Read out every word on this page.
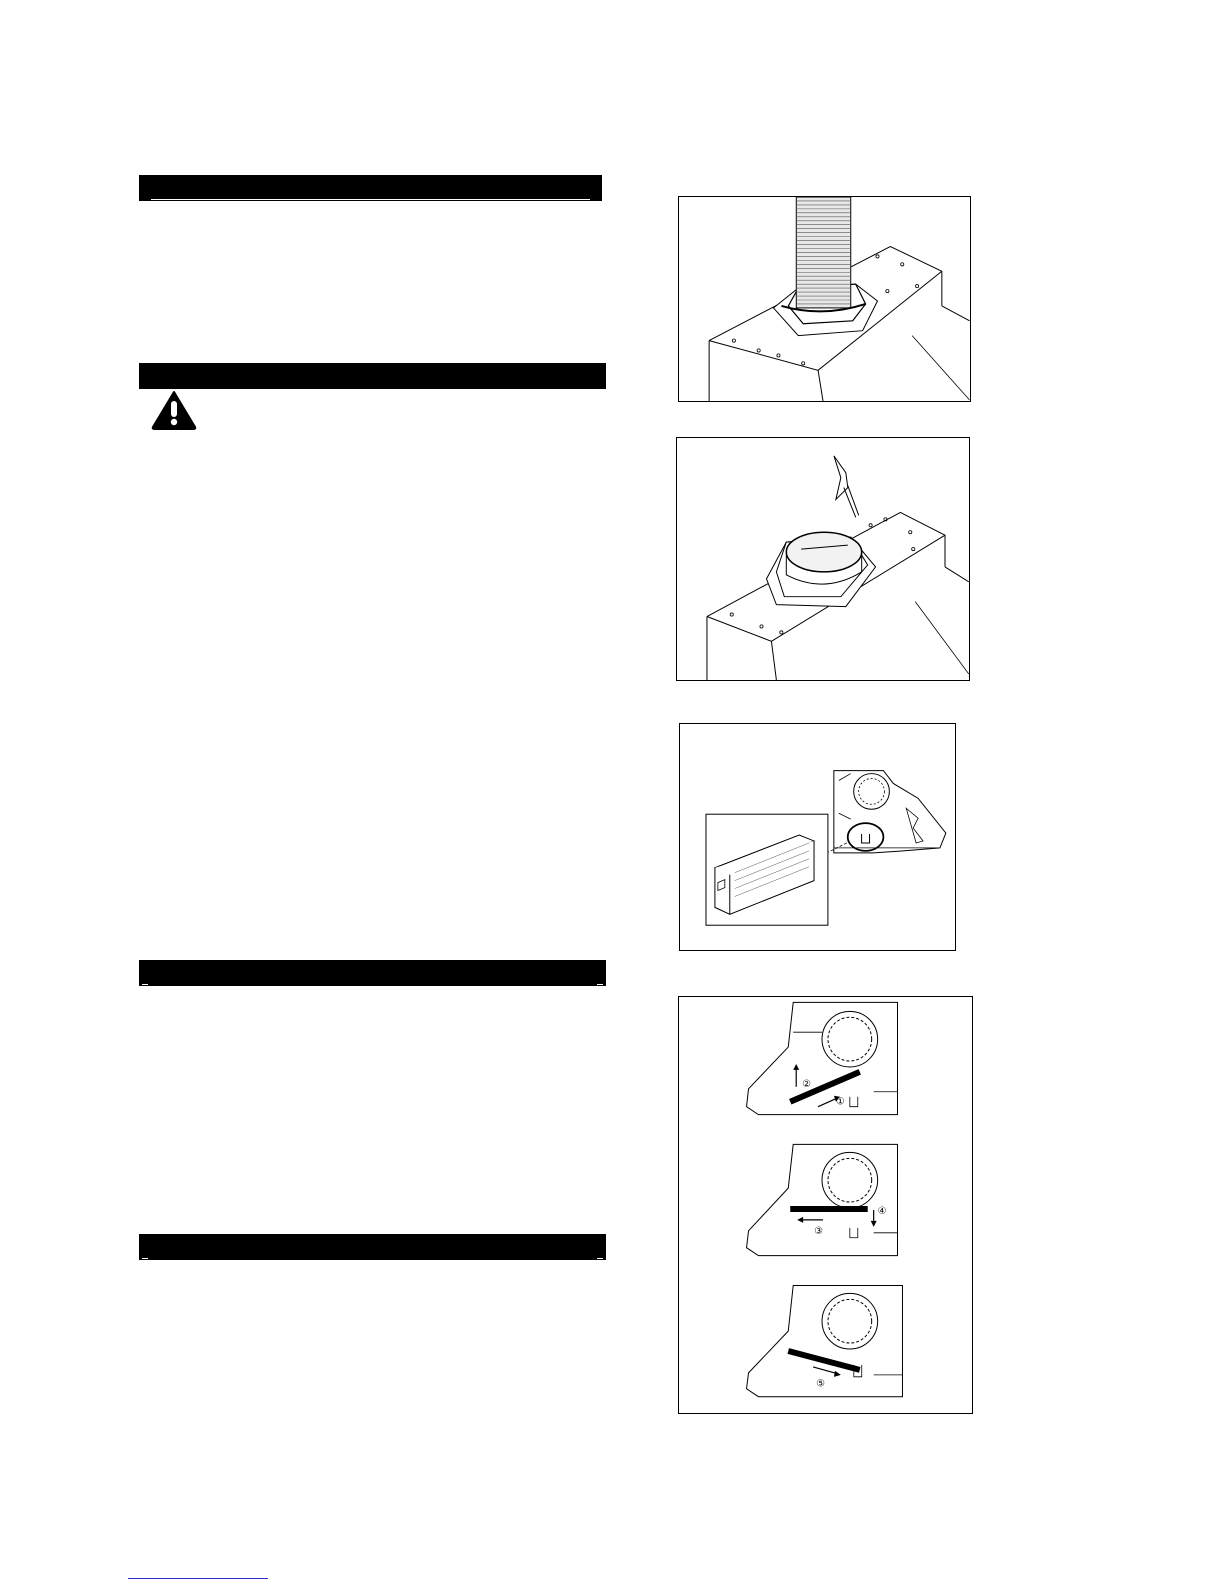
②
①
③
④
⑤
